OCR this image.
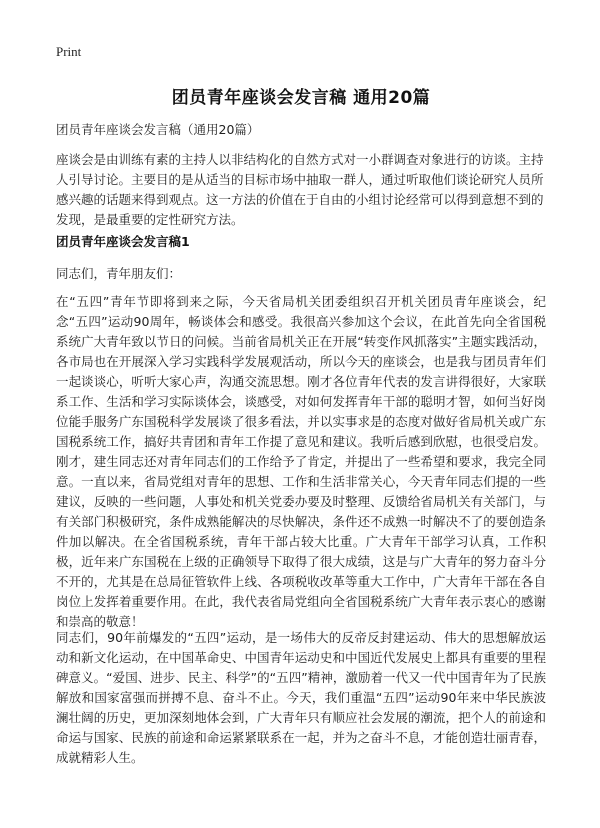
Print
团员青年座谈会发言稿 通用20篇
团员青年座谈会发言稿（通用20篇）

座谈会是由训练有素的主持人以非结构化的自然方式对一小群调查对象进行的访谈。主持人引导讨论。主要目的是从适当的目标市场中抽取一群人，通过听取他们谈论研究人员所感兴趣的话题来得到观点。这一方法的价值在于自由的小组讨论经常可以得到意想不到的发现，是最重要的定性研究方法。

团员青年座谈会发言稿1
同志们，青年朋友们：

在“五四”青年节即将到来之际，今天省局机关团委组织召开机关团员青年座谈会，纪念“五四”运动90周年，畅谈体会和感受。我很高兴参加这个会议，在此首先向全省国税系统广大青年致以节日的问候。当前省局机关正在开展“转变作风抓落实”主题实践活动，各市局也在开展深入学习实践科学发展观活动，所以今天的座谈会，也是我与团员青年们一起谈谈心，听听大家心声，沟通交流思想。刚才各位青年代表的发言讲得很好，大家联系工作、生活和学习实际谈体会，谈感受，对如何发挥青年干部的聪明才智，如何当好岗位能手服务广东国税科学发展谈了很多看法，并以实事求是的态度对做好省局机关或广东国税系统工作，搞好共青团和青年工作提了意见和建议。我听后感到欣慰，也很受启发。刚才，建生同志还对青年同志们的工作给予了肯定，并提出了一些希望和要求，我完全同意。一直以来，省局党组对青年的思想、工作和生活非常关心，今天青年同志们提的一些建议，反映的一些问题，人事处和机关党委办要及时整理、反馈给省局机关有关部门，与有关部门积极研究，条件成熟能解决的尽快解决，条件还不成熟一时解决不了的要创造条件加以解决。在全省国税系统，青年干部占较大比重。广大青年干部学习认真，工作积极，近年来广东国税在上级的正确领导下取得了很大成绩，这是与广大青年的努力奋斗分不开的，尤其是在总局征管软件上线、各项税收改革等重大工作中，广大青年干部在各自岗位上发挥着重要作用。在此，我代表省局党组向全省国税系统广大青年表示衷心的感谢和崇高的敬意！

同志们，90年前爆发的“五四”运动，是一场伟大的反帝反封建运动、伟大的思想解放运动和新文化运动，在中国革命史、中国青年运动史和中国近代发展史上都具有重要的里程碑意义。“爱国、进步、民主、科学”的“五四”精神，激励着一代又一代中国青年为了民族解放和国家富强而拼搏不息、奋斗不止。今天，我们重温“五四”运动90年来中华民族波澜壮阔的历史，更加深刻地体会到，广大青年只有顺应社会发展的潮流，把个人的前途和命运与国家、民族的前途和命运紧紧联系在一起，并为之奋斗不息，才能创造壮丽青春，成就精彩人生。
